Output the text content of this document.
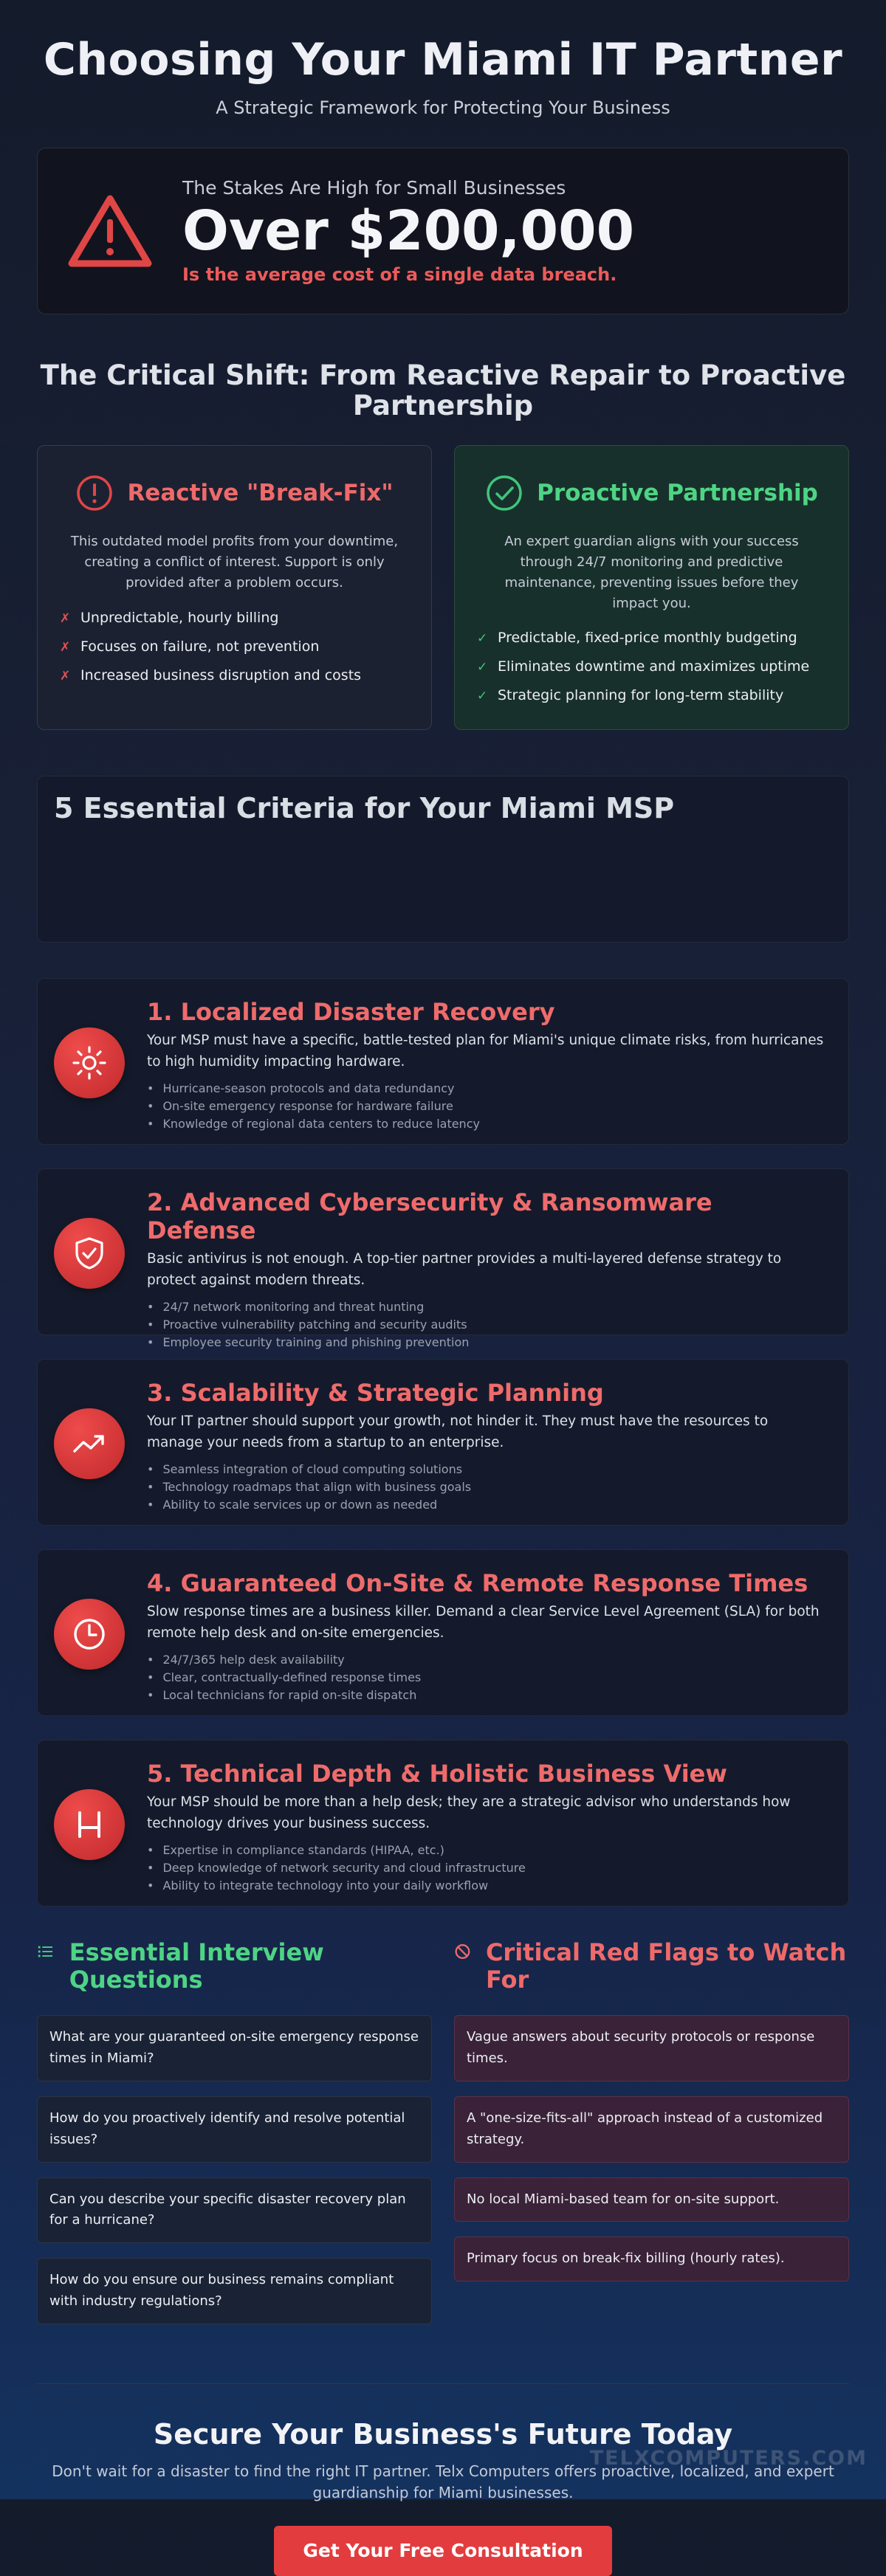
Choosing Your Miami IT Partner

A Strategic Framework for Protecting Your Business

The Stakes Are High for Small Businesses
Over $200,000
Is the average cost of a single data breach.
The Critical Shift: From Reactive Repair to Proactive Partnership
Reactive "Break-Fix"

This outdated model profits from your downtime, creating a conflict of interest. Support is only provided after a problem occurs.

✗ Unpredictable, hourly billing
✗ Focuses on failure, not prevention
✗ Increased business disruption and costs
Proactive Partnership

An expert guardian aligns with your success through 24/7 monitoring and predictive maintenance, preventing issues before they impact you.

✓ Predictable, fixed-price monthly budgeting
✓ Eliminates downtime and maximizes uptime
✓ Strategic planning for long-term stability
5 Essential Criteria for Your Miami MSP
1. Localized Disaster Recovery
Your MSP must have a specific, battle-tested plan for Miami's unique climate risks, from hurricanes to high humidity impacting hardware.
• Hurricane-season protocols and data redundancy
• On-site emergency response for hardware failure
• Knowledge of regional data centers to reduce latency
2. Advanced Cybersecurity & Ransomware Defense
Basic antivirus is not enough. A top-tier partner provides a multi-layered defense strategy to protect against modern threats.
• 24/7 network monitoring and threat hunting
• Proactive vulnerability patching and security audits
• Employee security training and phishing prevention
3. Scalability & Strategic Planning
Your IT partner should support your growth, not hinder it. They must have the resources to manage your needs from a startup to an enterprise.
• Seamless integration of cloud computing solutions
• Technology roadmaps that align with business goals
• Ability to scale services up or down as needed
4. Guaranteed On-Site & Remote Response Times
Slow response times are a business killer. Demand a clear Service Level Agreement (SLA) for both remote help desk and on-site emergencies.
• 24/7/365 help desk availability
• Clear, contractually-defined response times
• Local technicians for rapid on-site dispatch
5. Technical Depth & Holistic Business View
Your MSP should be more than a help desk; they are a strategic advisor who understands how technology drives your business success.
• Expertise in compliance standards (HIPAA, etc.)
• Deep knowledge of network security and cloud infrastructure
• Ability to integrate technology into your daily workflow
Essential Interview Questions
What are your guaranteed on-site emergency response times in Miami?
How do you proactively identify and resolve potential issues?
Can you describe your specific disaster recovery plan for a hurricane?
How do you ensure our business remains compliant with industry regulations?
Critical Red Flags to Watch For
Vague answers about security protocols or response times.
A "one-size-fits-all" approach instead of a customized strategy.
No local Miami-based team for on-site support.
Primary focus on break-fix billing (hourly rates).
Secure Your Business's Future Today

Don't wait for a disaster to find the right IT partner. Telx Computers offers proactive, localized, and expert guardianship for Miami businesses.

Get Your Free Consultation
TELXCOMPUTERS.COM
